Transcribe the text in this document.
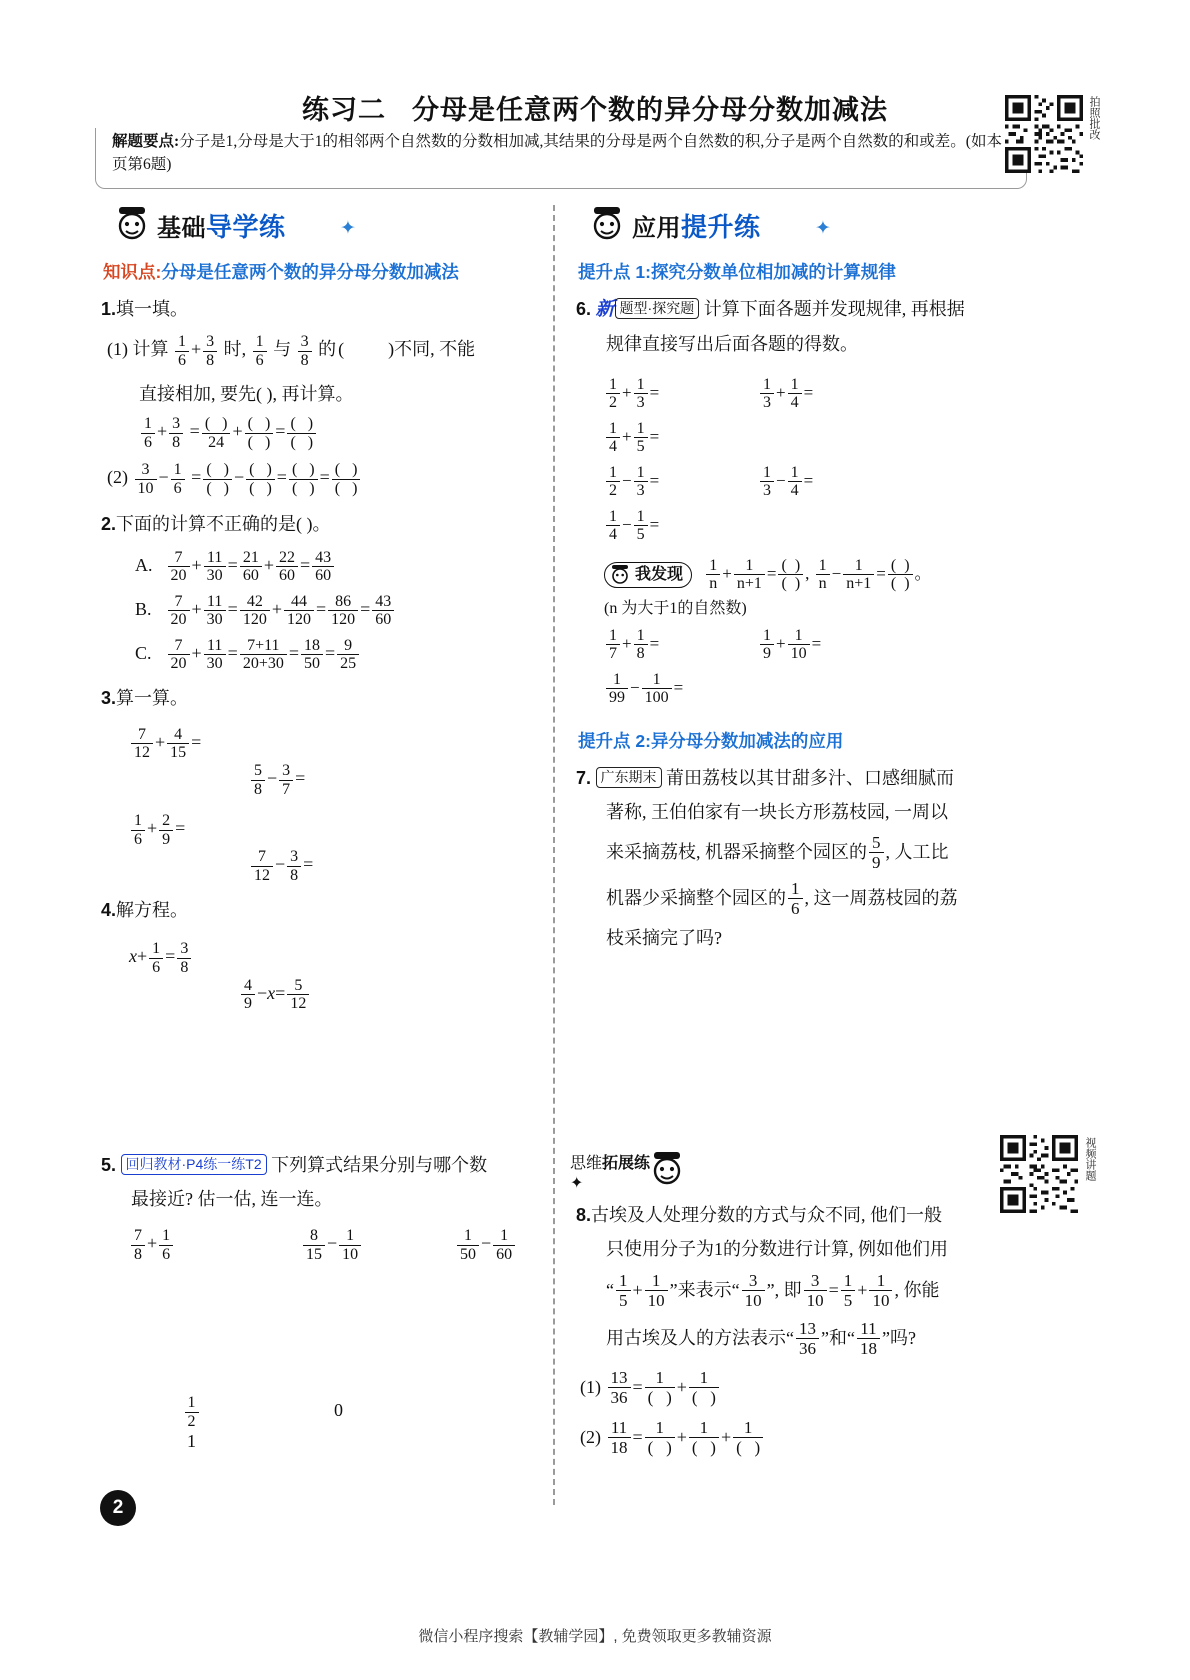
练习二 分母是任意两个数的异分母分数加减法
解题要点:分子是1,分母是大于1的相邻两个自然数的分数相加减,其结果的分母是两个自然数的积,分子是两个自然数的和或差。(如本页第6题)
拍照批改
基础导学练	✦
知识点:分母是任意两个数的异分母分数加减法
1.填一填。
(1) 计算 $\frac{1}{6} + \frac{3}{8}$ 时, $\frac{1}{6}$ 与 $\frac{3}{8}$ 的( )不同, 不能
直接相加, 要先( ), 再计算。
$\frac{1}{6} + \frac{3}{8} = \frac{( )}{24} + \frac{( )}{( )} = \frac{( )}{( )}$
$(2) \frac{3}{10} - \frac{1}{6} = \frac{( )}{( )} - \frac{( )}{( )} = \frac{( )}{( )} = \frac{( )}{( )}$
2.下面的计算不正确的是( )。
A. $\frac{7}{20} + \frac{11}{30} = \frac{21}{60} + \frac{22}{60} = \frac{43}{60}$
B. $\frac{7}{20} + \frac{11}{30} = \frac{42}{120} + \frac{44}{120} = \frac{86}{120} = \frac{43}{60}$
C. $\frac{7}{20} + \frac{11}{30} = \frac{7+11}{20+30} = \frac{18}{50} = \frac{9}{25}$
3.算一算。
$\frac{7}{12} + \frac{4}{15}$ =
$\frac{5}{8} - \frac{3}{7}$ =
$\frac{1}{6} + \frac{2}{9}$ =
$\frac{7}{12} - \frac{3}{8}$ =
4.解方程。
$x+ \frac{1}{6} = \frac{3}{8}$

$\frac{4}{9} -x= \frac{5}{12}$
5. 回归教材·P4练一练T2 下列算式结果分别与哪个数
最接近? 估一估, 连一连。
$\frac{7}{8} + \frac{1}{6}$
	$\frac{8}{15} - \frac{1}{10}$
	$\frac{1}{50} - \frac{1}{60}$
$\frac{1}{2}$	0 1
应用提升练	✦
提升点 1:探究分数单位相加减的计算规律
6. 新 题型·探究题 计算下面各题并发现规律, 再根据
规律直接写出后面各题的得数。
$\frac{1}{2} + \frac{1}{3}$ =	$\frac{1}{3} + \frac{1}{4}$ =
$\frac{1}{4} + \frac{1}{5}$ =
$\frac{1}{2} - \frac{1}{3}$ =	$\frac{1}{3} - \frac{1}{4}$ =
$\frac{1}{4} - \frac{1}{5}$ =
我发现 $\frac{1}{n} + \frac{1}{n+1} = \frac{( )}{( )}$ , $\frac{1}{n} - \frac{1}{n+1} = \frac{( )}{( )}$ 。
(n 为大于1的自然数)
$\frac{1}{7} + \frac{1}{8}$ =	$\frac{1}{9} + \frac{1}{10}$ =
$\frac{1}{99} - \frac{1}{100}$ =
提升点 2:异分母分数加减法的应用
7. 广东期末 莆田荔枝以其甘甜多汁、口感细腻而
著称, 王伯伯家有一块长方形荔枝园, 一周以
来采摘荔枝, 机器采摘整个园区的 $\frac{5}{9}$ , 人工比
机器少采摘整个园区的 $\frac{1}{6}$ , 这一周荔枝园的荔
枝采摘完了吗?
思维拓展练
✦
8.古埃及人处理分数的方式与众不同, 他们一般
只使用分子为1的分数进行计算, 例如他们用
“ $\frac{1}{5} + \frac{1}{10}$ ”来表示“ $\frac{3}{10}$ ”, 即 $\frac{3}{10} = \frac{1}{5} + \frac{1}{10}$ , 你能
用古埃及人的方法表示“ $\frac{13}{36}$ ”和“ $\frac{11}{18}$ ”吗?
$(1) \frac{13}{36} = \frac{1}{( )} + \frac{1}{( )}$
$(2) \frac{11}{18} = \frac{1}{( )} + \frac{1}{( )} + \frac{1}{( )}$
视频讲题
2
微信小程序搜索【教辅学园】, 免费领取更多教辅资源
